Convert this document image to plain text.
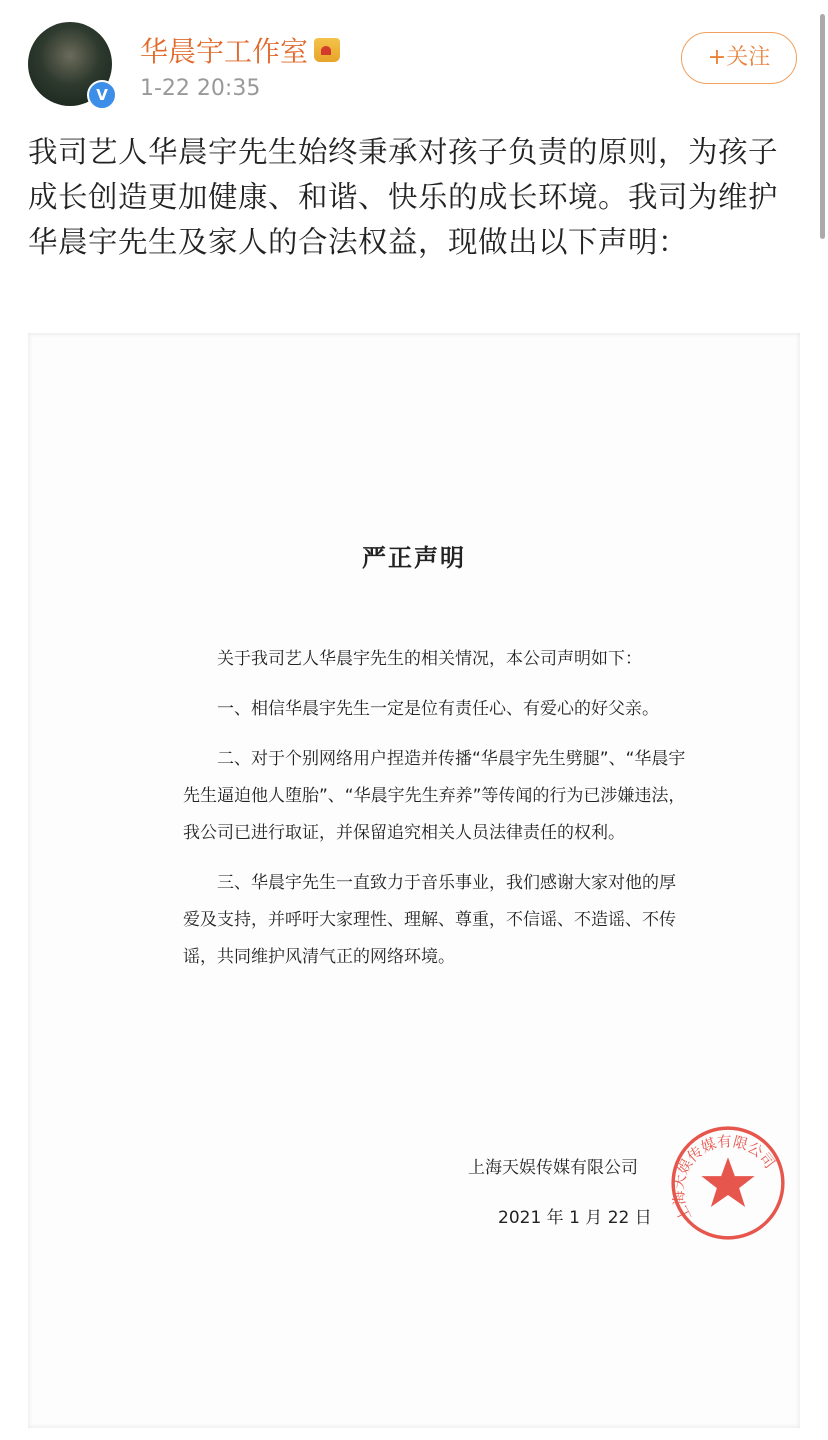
V
华晨宇工作室
1-22 20:35
+关注
我司艺人华晨宇先生始终秉承对孩子负责的原则，为孩子成长创造更加健康、和谐、快乐的成长环境。我司为维护华晨宇先生及家人的合法权益，现做出以下声明：
严正声明

关于我司艺人华晨宇先生的相关情况，本公司声明如下：

一、相信华晨宇先生一定是位有责任心、有爱心的好父亲。

二、对于个别网络用户捏造并传播“华晨宇先生劈腿”、“华晨宇先生逼迫他人堕胎”、“华晨宇先生弃养”等传闻的行为已涉嫌违法，我公司已进行取证，并保留追究相关人员法律责任的权利。

三、华晨宇先生一直致力于音乐事业，我们感谢大家对他的厚爱及支持，并呼吁大家理性、理解、尊重，不信谣、不造谣、不传谣，共同维护风清气正的网络环境。

上海天娱传媒有限公司
上海天娱传媒有限公司
2021 年 1 月 22 日
